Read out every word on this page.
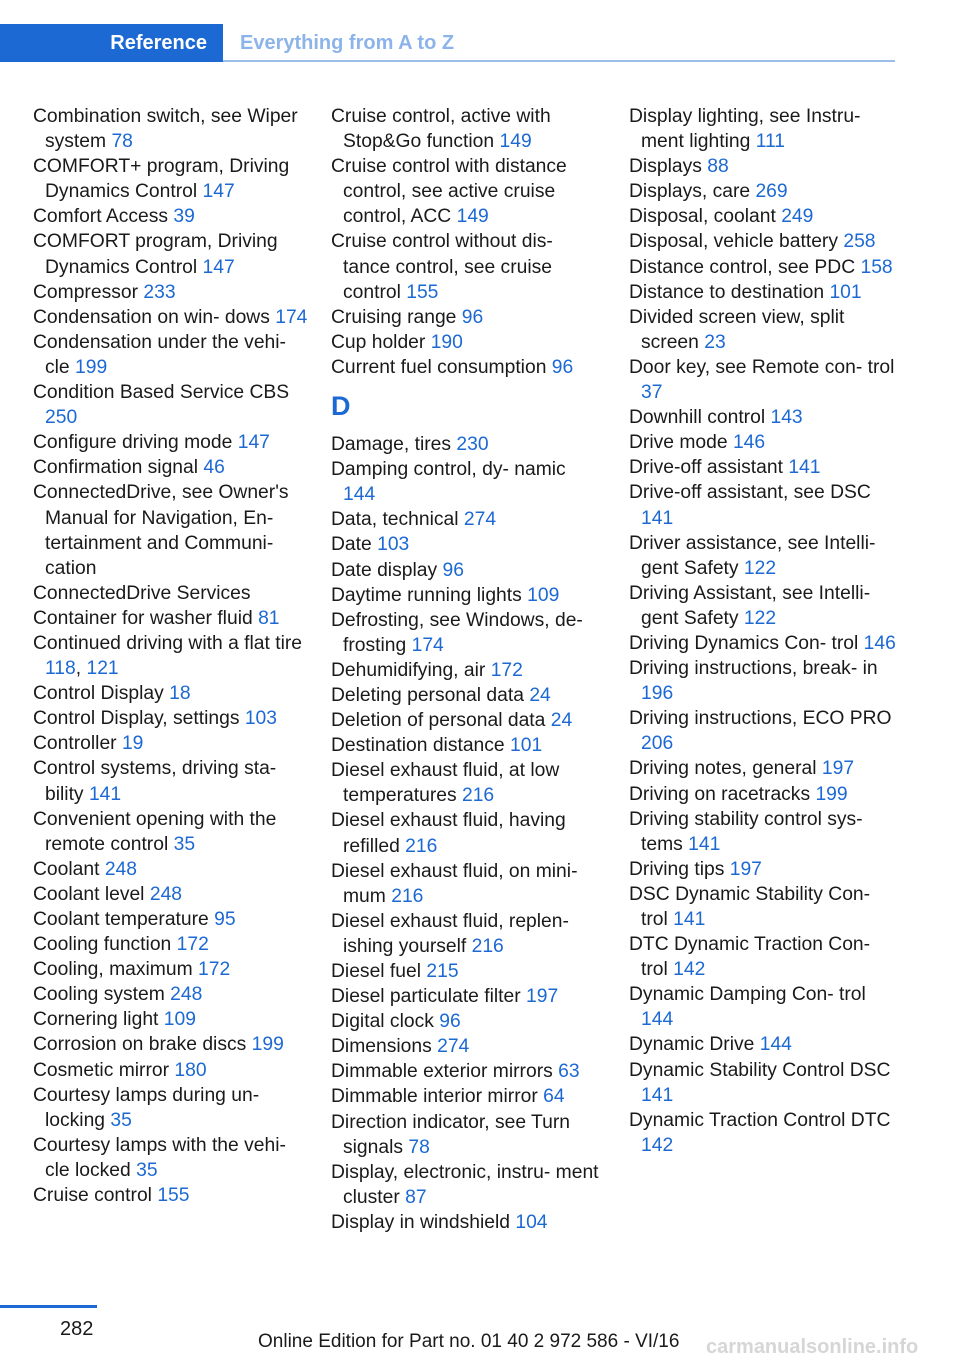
Reference	Everything from A to Z
Combination switch, see Wiper system 78
COMFORT+ program, Driving Dynamics Control 147
Comfort Access 39
COMFORT program, Driving Dynamics Control 147
Compressor 233
Condensation on win‐ dows 174
Condensation under the vehi‐ cle 199
Condition Based Service CBS 250
Configure driving mode 147
Confirmation signal 46
ConnectedDrive, see Owner's Manual for Navigation, En‐ tertainment and Communi‐ cation
ConnectedDrive Services
Container for washer fluid 81
Continued driving with a flat tire 118, 121
Control Display 18
Control Display, settings 103
Controller 19
Control systems, driving sta‐ bility 141
Convenient opening with the remote control 35
Coolant 248
Coolant level 248
Coolant temperature 95
Cooling function 172
Cooling, maximum 172
Cooling system 248
Cornering light 109
Corrosion on brake discs 199
Cosmetic mirror 180
Courtesy lamps during un‐ locking 35
Courtesy lamps with the vehi‐ cle locked 35
Cruise control 155
Cruise control, active with Stop&Go function 149
Cruise control with distance control, see active cruise control, ACC 149
Cruise control without dis‐ tance control, see cruise control 155
Cruising range 96
Cup holder 190
Current fuel consumption 96
D
Damage, tires 230
Damping control, dy‐ namic 144
Data, technical 274
Date 103
Date display 96
Daytime running lights 109
Defrosting, see Windows, de‐ frosting 174
Dehumidifying, air 172
Deleting personal data 24
Deletion of personal data 24
Destination distance 101
Diesel exhaust fluid, at low temperatures 216
Diesel exhaust fluid, having refilled 216
Diesel exhaust fluid, on mini‐ mum 216
Diesel exhaust fluid, replen‐ ishing yourself 216
Diesel fuel 215
Diesel particulate filter 197
Digital clock 96
Dimensions 274
Dimmable exterior mirrors 63
Dimmable interior mirror 64
Direction indicator, see Turn signals 78
Display, electronic, instru‐ ment cluster 87
Display in windshield 104
Display lighting, see Instru‐ ment lighting 111
Displays 88
Displays, care 269
Disposal, coolant 249
Disposal, vehicle battery 258
Distance control, see PDC 158
Distance to destination 101
Divided screen view, split screen 23
Door key, see Remote con‐ trol 37
Downhill control 143
Drive mode 146
Drive-off assistant 141
Drive-off assistant, see DSC 141
Driver assistance, see Intelli‐ gent Safety 122
Driving Assistant, see Intelli‐ gent Safety 122
Driving Dynamics Con‐ trol 146
Driving instructions, break- in 196
Driving instructions, ECO PRO 206
Driving notes, general 197
Driving on racetracks 199
Driving stability control sys‐ tems 141
Driving tips 197
DSC Dynamic Stability Con‐ trol 141
DTC Dynamic Traction Con‐ trol 142
Dynamic Damping Con‐ trol 144
Dynamic Drive 144
Dynamic Stability Control DSC 141
Dynamic Traction Control DTC 142
282
Online Edition for Part no. 01 40 2 972 586 - VI/16 carmanualsonline.info
